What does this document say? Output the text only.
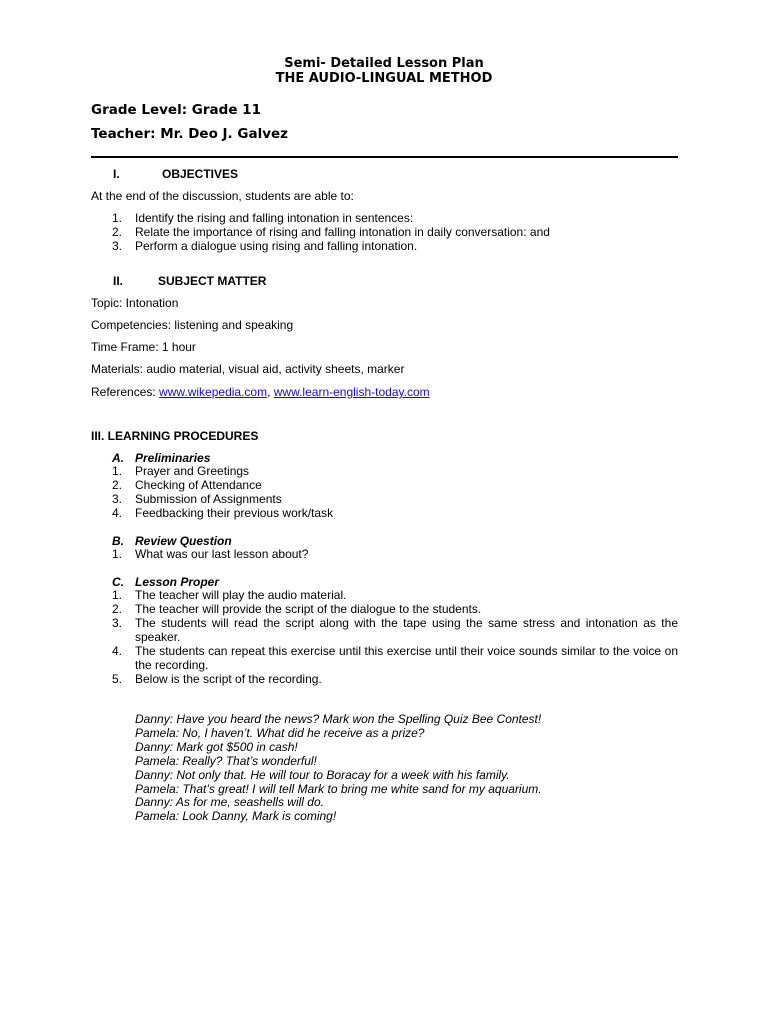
Semi- Detailed Lesson Plan
THE AUDIO-LINGUAL METHOD
Grade Level: Grade 11
Teacher: Mr. Deo J. Galvez
I.	OBJECTIVES
At the end of the discussion, students are able to:
1. Identify the rising and falling intonation in sentences:
2. Relate the importance of rising and falling intonation in daily conversation: and
3. Perform a dialogue using rising and falling intonation.
II.	SUBJECT MATTER
Topic: Intonation
Competencies: listening and speaking
Time Frame: 1 hour
Materials: audio material, visual aid, activity sheets, marker
References: www.wikepedia.com, www.learn-english-today.com
III. LEARNING PROCEDURES
A. Preliminaries
1. Prayer and Greetings
2. Checking of Attendance
3. Submission of Assignments
4. Feedbacking their previous work/task
B. Review Question
1. What was our last lesson about?
C. Lesson Proper
1. The teacher will play the audio material.
2. The teacher will provide the script of the dialogue to the students.
3. The students will read the script along with the tape using the same stress and intonation as the speaker.
4. The students can repeat this exercise until this exercise until their voice sounds similar to the voice on the recording.
5. Below is the script of the recording.
Danny: Have you heard the news? Mark won the Spelling Quiz Bee Contest!
Pamela: No, I haven’t. What did he receive as a prize?
Danny: Mark got $500 in cash!
Pamela: Really? That’s wonderful!
Danny: Not only that. He will tour to Boracay for a week with his family.
Pamela: That’s great! I will tell Mark to bring me white sand for my aquarium.
Danny: As for me, seashells will do.
Pamela: Look Danny, Mark is coming!
